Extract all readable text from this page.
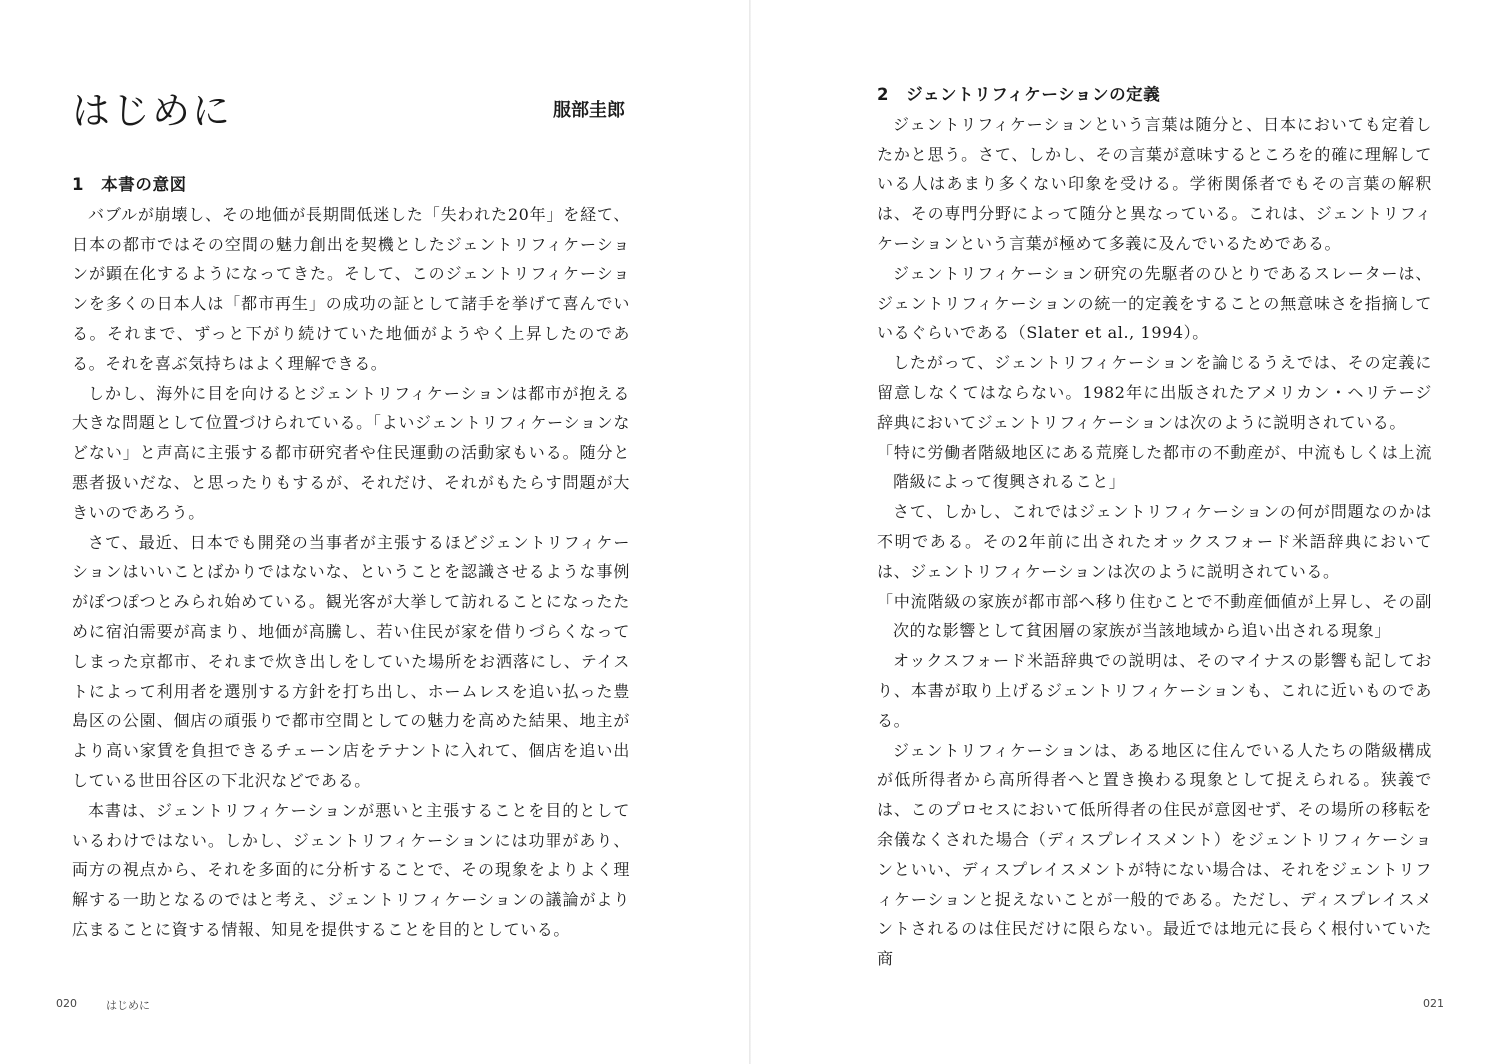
はじめに	服部圭郎
1　本書の意図

バブルが崩壊し、その地価が長期間低迷した「失われた20年」を経て、日本の都市ではその空間の魅力創出を契機としたジェントリフィケーションが顕在化するようになってきた。そして、このジェントリフィケーションを多くの日本人は「都市再生」の成功の証として諸手を挙げて喜んでいる。それまで、ずっと下がり続けていた地価がようやく上昇したのである。それを喜ぶ気持ちはよく理解できる。

しかし、海外に目を向けるとジェントリフィケーションは都市が抱える大きな問題として位置づけられている。「よいジェントリフィケーションなどない」と声高に主張する都市研究者や住民運動の活動家もいる。随分と悪者扱いだな、と思ったりもするが、それだけ、それがもたらす問題が大きいのであろう。

さて、最近、日本でも開発の当事者が主張するほどジェントリフィケーションはいいことばかりではないな、ということを認識させるような事例がぽつぽつとみられ始めている。観光客が大挙して訪れることになったために宿泊需要が高まり、地価が高騰し、若い住民が家を借りづらくなってしまった京都市、それまで炊き出しをしていた場所をお洒落にし、テイストによって利用者を選別する方針を打ち出し、ホームレスを追い払った豊島区の公園、個店の頑張りで都市空間としての魅力を高めた結果、地主がより高い家賃を負担できるチェーン店をテナントに入れて、個店を追い出している世田谷区の下北沢などである。

本書は、ジェントリフィケーションが悪いと主張することを目的としているわけではない。しかし、ジェントリフィケーションには功罪があり、両方の視点から、それを多面的に分析することで、その現象をよりよく理解する一助となるのではと考え、ジェントリフィケーションの議論がより広まることに資する情報、知見を提供することを目的としている。

020	はじめに
2　ジェントリフィケーションの定義

ジェントリフィケーションという言葉は随分と、日本においても定着したかと思う。さて、しかし、その言葉が意味するところを的確に理解している人はあまり多くない印象を受ける。学術関係者でもその言葉の解釈は、その専門分野によって随分と異なっている。これは、ジェントリフィケーションという言葉が極めて多義に及んでいるためである。

ジェントリフィケーション研究の先駆者のひとりであるスレーターは、ジェントリフィケーションの統一的定義をすることの無意味さを指摘しているぐらいである（Slater et al., 1994）。

したがって、ジェントリフィケーションを論じるうえでは、その定義に留意しなくてはならない。1982年に出版されたアメリカン・ヘリテージ辞典においてジェントリフィケーションは次のように説明されている。

「特に労働者階級地区にある荒廃した都市の不動産が、中流もしくは上流階級によって復興されること」

さて、しかし、これではジェントリフィケーションの何が問題なのかは不明である。その2年前に出されたオックスフォード米語辞典においては、ジェントリフィケーションは次のように説明されている。

「中流階級の家族が都市部へ移り住むことで不動産価値が上昇し、その副次的な影響として貧困層の家族が当該地域から追い出される現象」

オックスフォード米語辞典での説明は、そのマイナスの影響も記しており、本書が取り上げるジェントリフィケーションも、これに近いものである。

ジェントリフィケーションは、ある地区に住んでいる人たちの階級構成が低所得者から高所得者へと置き換わる現象として捉えられる。狭義では、このプロセスにおいて低所得者の住民が意図せず、その場所の移転を余儀なくされた場合（ディスプレイスメント）をジェントリフィケーションといい、ディスプレイスメントが特にない場合は、それをジェントリフィケーションと捉えないことが一般的である。ただし、ディスプレイスメントされるのは住民だけに限らない。最近では地元に長らく根付いていた商

021
